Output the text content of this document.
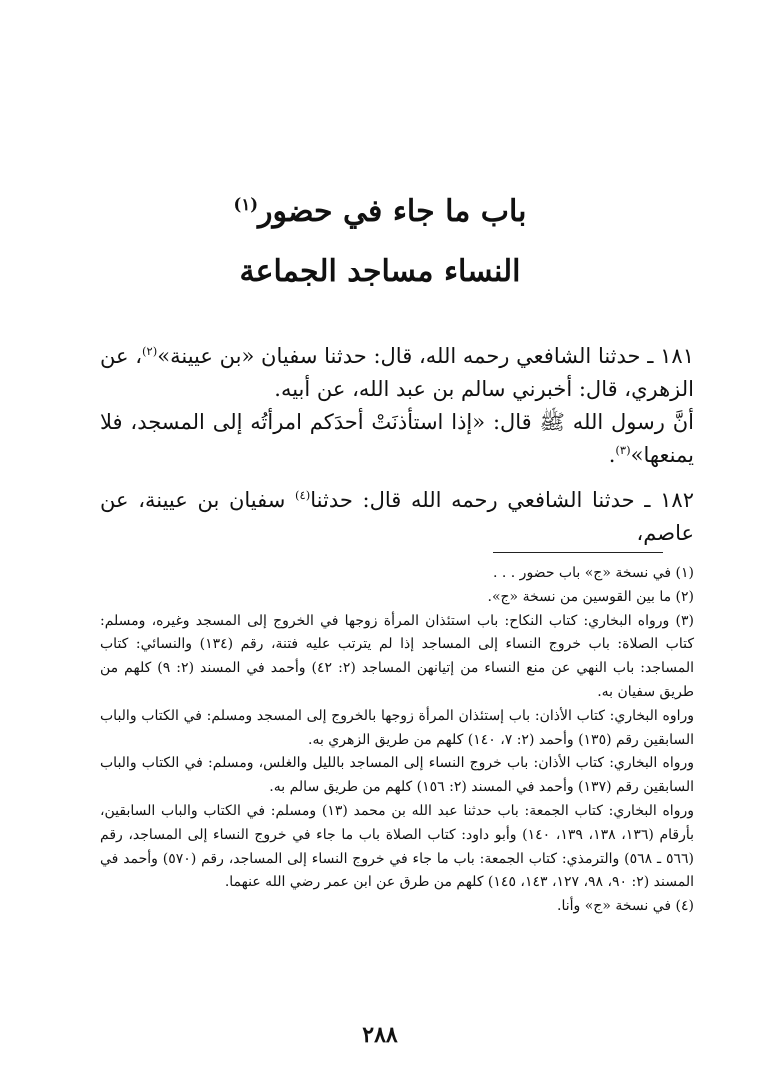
باب ما جاء في حضور$^{(١)}$
النساء مساجد الجماعة
١٨١ ـ حدثنا الشافعي رحمه الله، قال: حدثنا سفيان «بن عيينة»$^{(٢)}$، عن الزهري، قال: أخبرني سالم بن عبد الله، عن أبيه.
أنَّ رسول الله ﷺ قال: «إذا استأذنَتْ أحدَكم امرأتُه إلى المسجد، فلا يمنعها»$^{(٣)}$.
١٨٢ ـ حدثنا الشافعي رحمه الله قال: حدثنا$^{(٤)}$ سفيان بن عيينة، عن عاصم،
(١) في نسخة «ج» باب حضور . . .
(٢) ما بين القوسين من نسخة «ج».
(٣) ورواه البخاري: كتاب النكاح: باب استئذان المرأة زوجها في الخروج إلى المسجد وغيره، ومسلم: كتاب الصلاة: باب خروج النساء إلى المساجد إذا لم يترتب عليه فتنة، رقم (١٣٤) والنسائي: كتاب المساجد: باب النهي عن منع النساء من إتيانهن المساجد (٢: ٤٢) وأحمد في المسند (٢: ٩) كلهم من طريق سفيان به.
وراوه البخاري: كتاب الأذان: باب إستئذان المرأة زوجها بالخروج إلى المسجد ومسلم: في الكتاب والباب السابقين رقم (١٣٥) وأحمد (٢: ٧، ١٤٠) كلهم من طريق الزهري به.
ورواه البخاري: كتاب الأذان: باب خروج النساء إلى المساجد بالليل والغلس، ومسلم: في الكتاب والباب السابقين رقم (١٣٧) وأحمد في المسند (٢: ١٥٦) كلهم من طريق سالم به.
ورواه البخاري: كتاب الجمعة: باب حدثنا عبد الله بن محمد (١٣) ومسلم: في الكتاب والباب السابقين، بأرقام (١٣٦، ١٣٨، ١٣٩، ١٤٠) وأبو داود: كتاب الصلاة باب ما جاء في خروج النساء إلى المساجد، رقم (٥٦٦ ـ ٥٦٨) والترمذي: كتاب الجمعة: باب ما جاء في خروج النساء إلى المساجد، رقم (٥٧٠) وأحمد في المسند (٢: ٩٠، ٩٨، ١٢٧، ١٤٣، ١٤٥) كلهم من طرق عن ابن عمر رضي الله عنهما.
(٤) في نسخة «ج» وأنا.
٢٨٨
